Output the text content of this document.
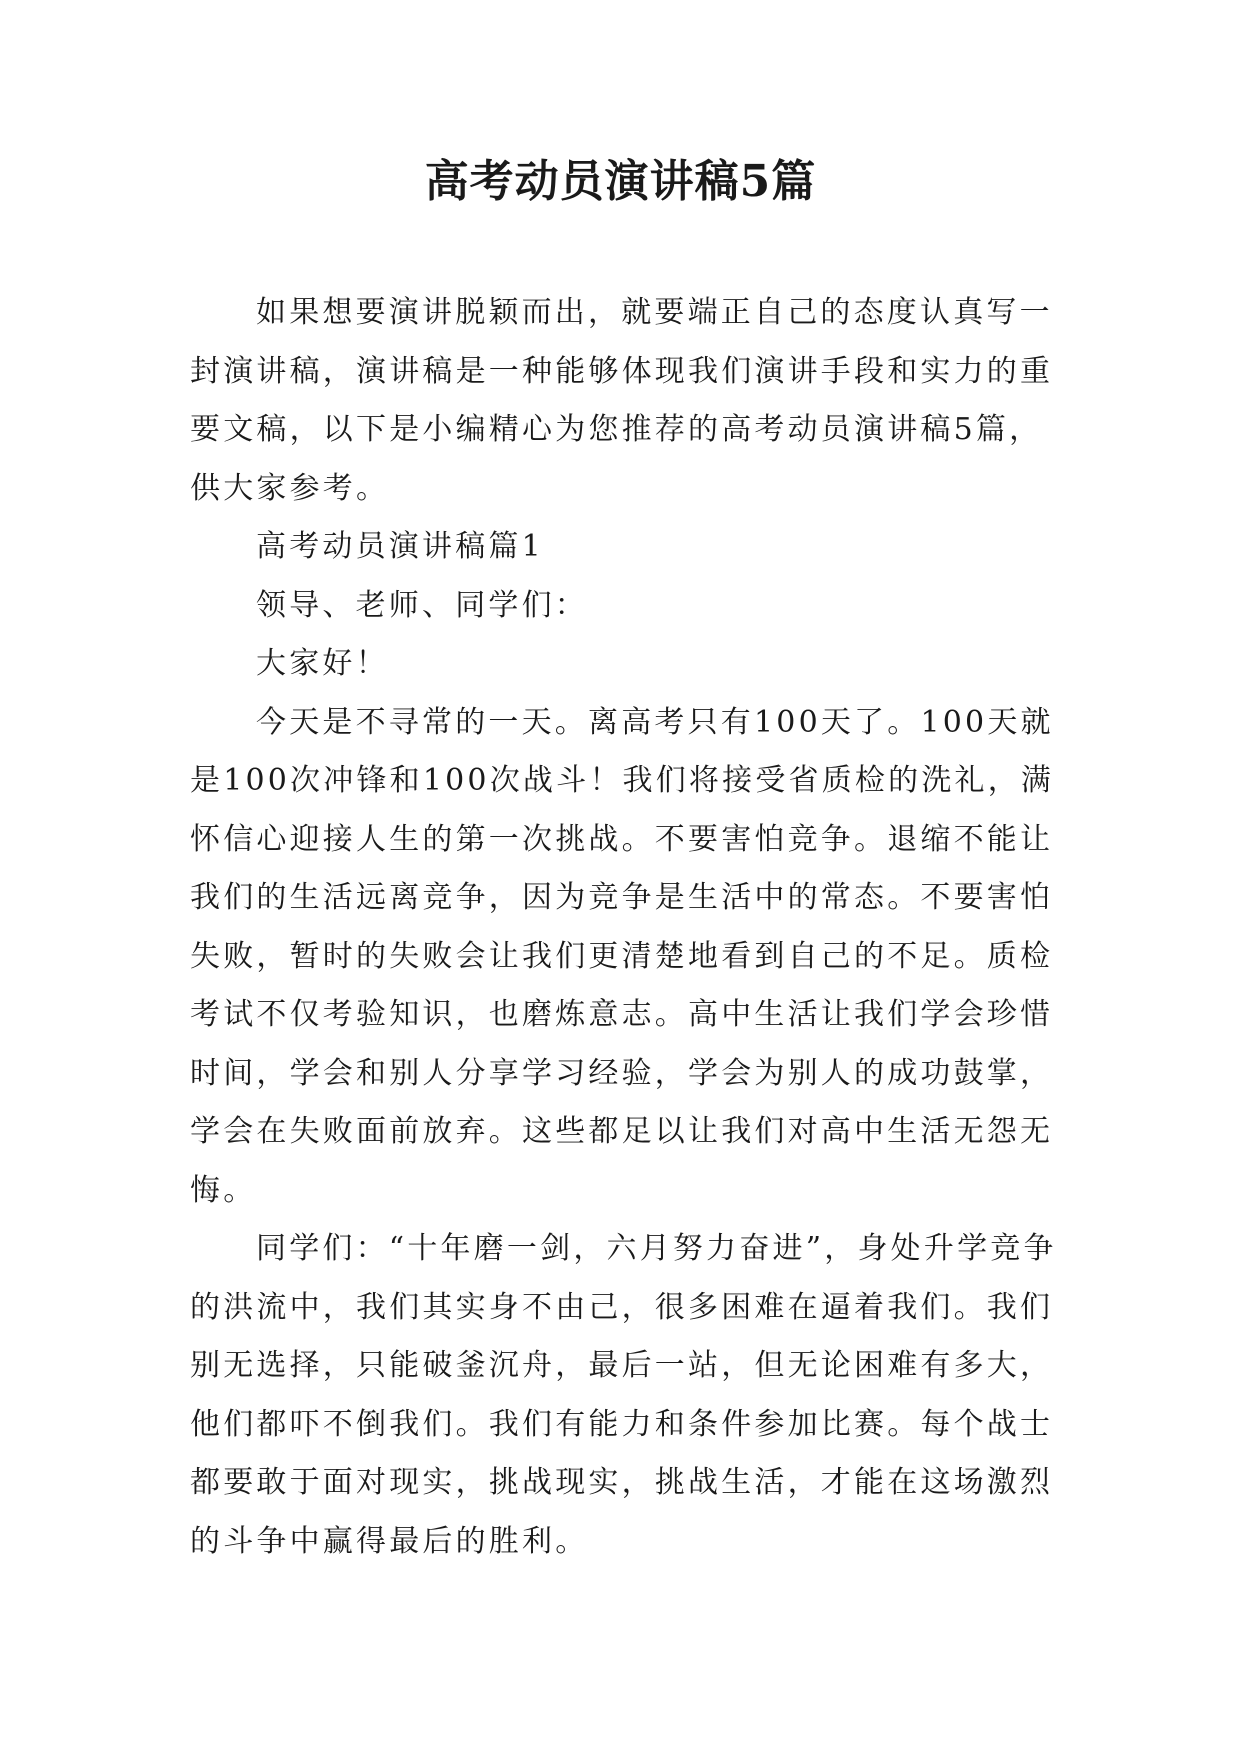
高考动员演讲稿5篇
如果想要演讲脱颖而出，就要端正自己的态度认真写一
封演讲稿，演讲稿是一种能够体现我们演讲手段和实力的重
要文稿，以下是小编精心为您推荐的高考动员演讲稿5篇，
供大家参考。
高考动员演讲稿篇1
领导、老师、同学们：
大家好！
今天是不寻常的一天。离高考只有100天了。100天就
是100次冲锋和100次战斗！我们将接受省质检的洗礼，满
怀信心迎接人生的第一次挑战。不要害怕竞争。退缩不能让
我们的生活远离竞争，因为竞争是生活中的常态。不要害怕
失败，暂时的失败会让我们更清楚地看到自己的不足。质检
考试不仅考验知识，也磨炼意志。高中生活让我们学会珍惜
时间，学会和别人分享学习经验，学会为别人的成功鼓掌，
学会在失败面前放弃。这些都足以让我们对高中生活无怨无
悔。
同学们：“十年磨一剑，六月努力奋进”，身处升学竞争
的洪流中，我们其实身不由己，很多困难在逼着我们。我们
别无选择，只能破釜沉舟，最后一站，但无论困难有多大，
他们都吓不倒我们。我们有能力和条件参加比赛。每个战士
都要敢于面对现实，挑战现实，挑战生活，才能在这场激烈
的斗争中赢得最后的胜利。
